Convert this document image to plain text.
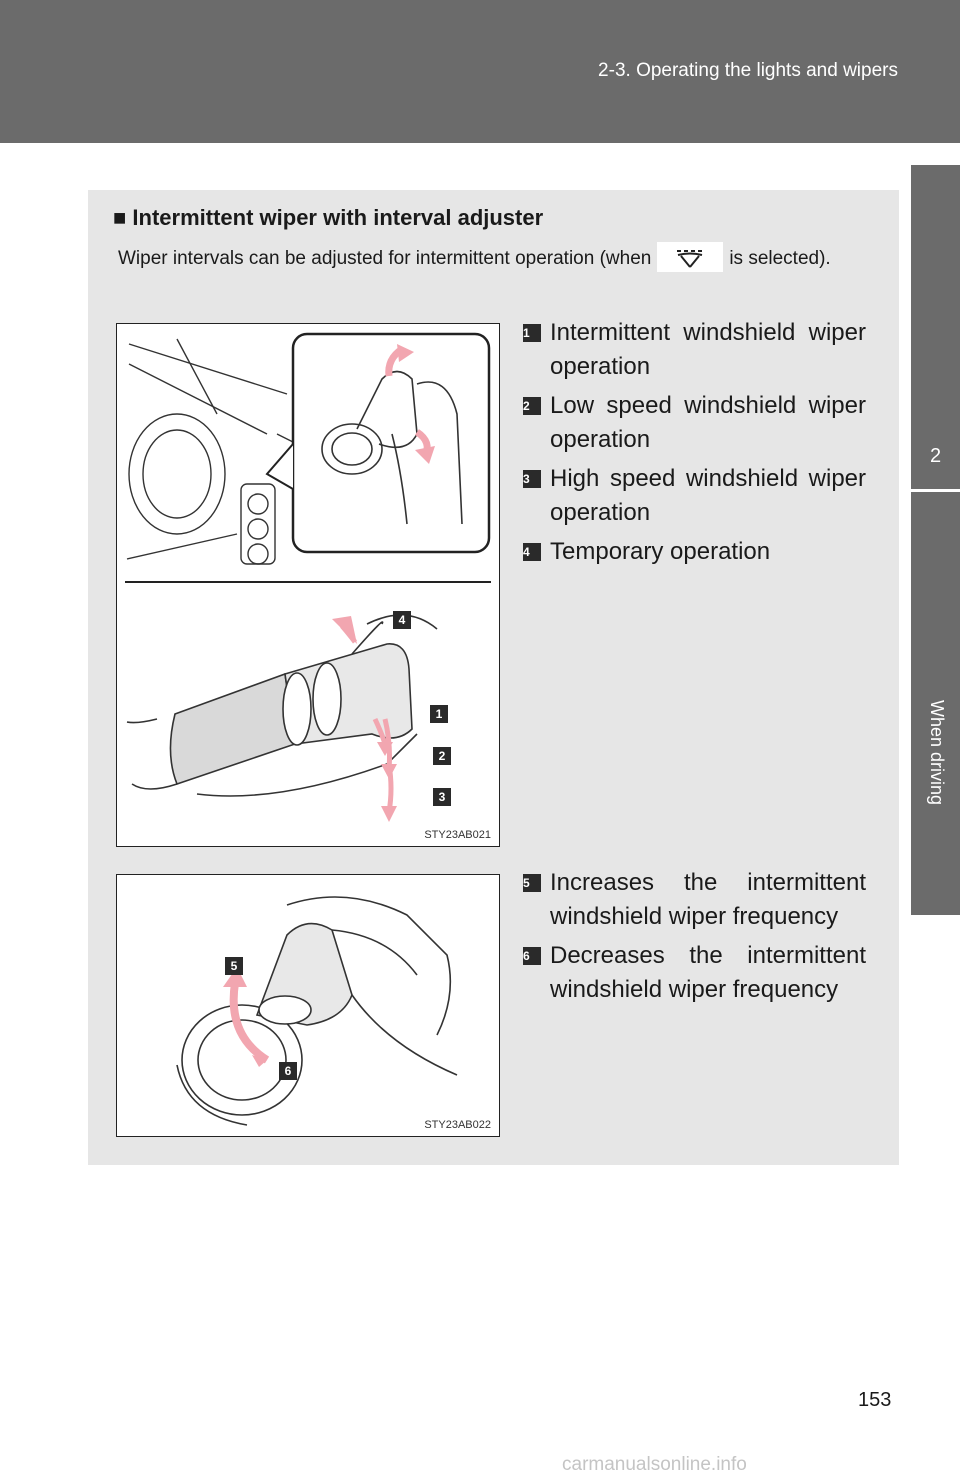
2-3. Operating the lights and wipers
2
When driving
■ Intermittent wiper with interval adjuster
Wiper intervals can be adjusted for intermittent operation (when	is selected).
4
1
2
3
STY23AB021
1 Intermittent windshield wiper operation
2 Low speed windshield wiper operation
3 High speed windshield wiper operation
4 Temporary operation
5
6
STY23AB022
5 Increases the intermittent windshield wiper frequency
6 Decreases the intermittent windshield wiper frequency
153
carmanualsonline.info
